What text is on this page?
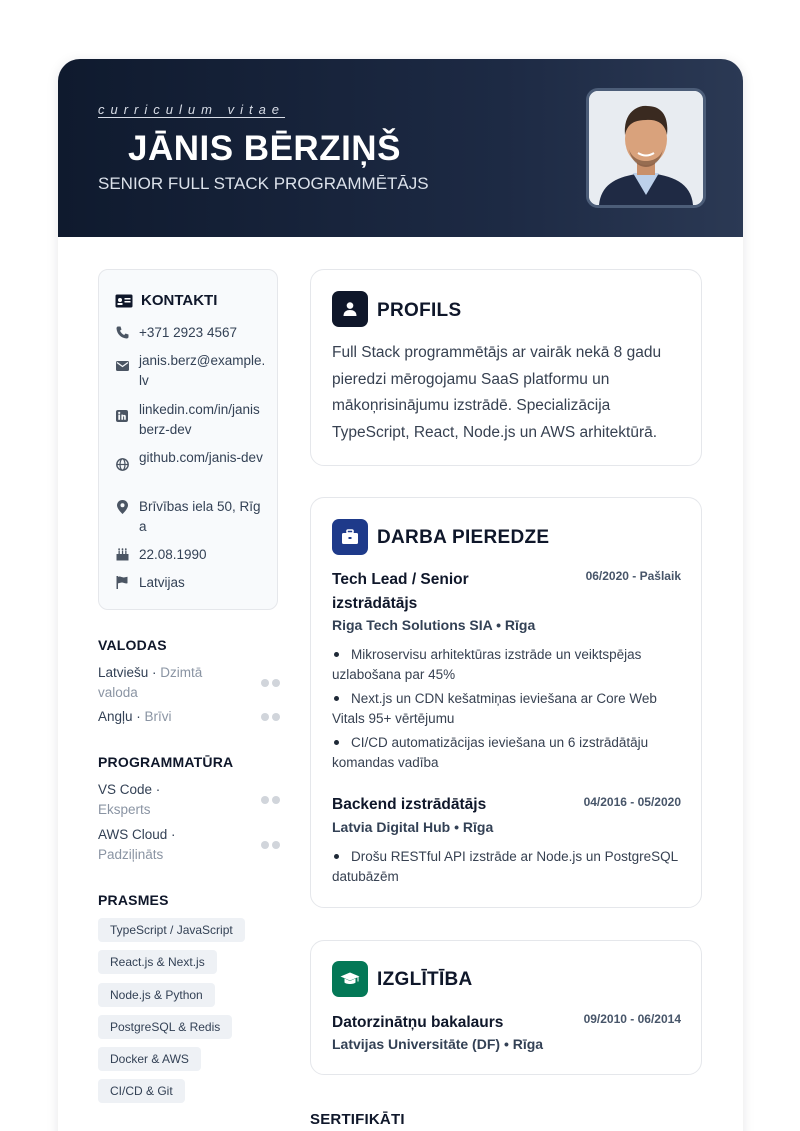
curriculum vitae
JĀNIS BĒRZIŅŠ
SENIOR FULL STACK PROGRAMMĒTĀJS
KONTAKTI
+371 2923 4567
janis.berz@example.lv
linkedin.com/in/janisberz-dev
github.com/janis-dev
Brīvības iela 50, Rīga
22.08.1990
Latvijas
VALODAS
Latviešu · Dzimtā valoda
Angļu · Brīvi
PROGRAMMATŪRA
VS Code · Eksperts
AWS Cloud · Padziļināts
PRASMES
TypeScript / JavaScript
React.js & Next.js
Node.js & Python
PostgreSQL & Redis
Docker & AWS
CI/CD & Git
PROFILS
Full Stack programmētājs ar vairāk nekā 8 gadu pieredzi mērogojamu SaaS platformu un mākoņrisinājumu izstrādē. Specializācija TypeScript, React, Node.js un AWS arhitektūrā.
DARBA PIEREDZE
Tech Lead / Senior izstrādātājs
06/2020 - Pašlaik
Riga Tech Solutions SIA • Rīga
Mikroservisu arhitektūras izstrāde un veiktspējas uzlabošana par 45%
Next.js un CDN kešatmiņas ieviešana ar Core Web Vitals 95+ vērtējumu
CI/CD automatizācijas ieviešana un 6 izstrādātāju komandas vadība
Backend izstrādātājs	04/2016 - 05/2020
Latvia Digital Hub • Rīga
Drošu RESTful API izstrāde ar Node.js un PostgreSQL datubāzēm
IZGLĪTĪBA
Datorzinātņu bakalaurs	09/2010 - 06/2014
Latvijas Universitāte (DF) • Rīga
SERTIFIKĀTI
